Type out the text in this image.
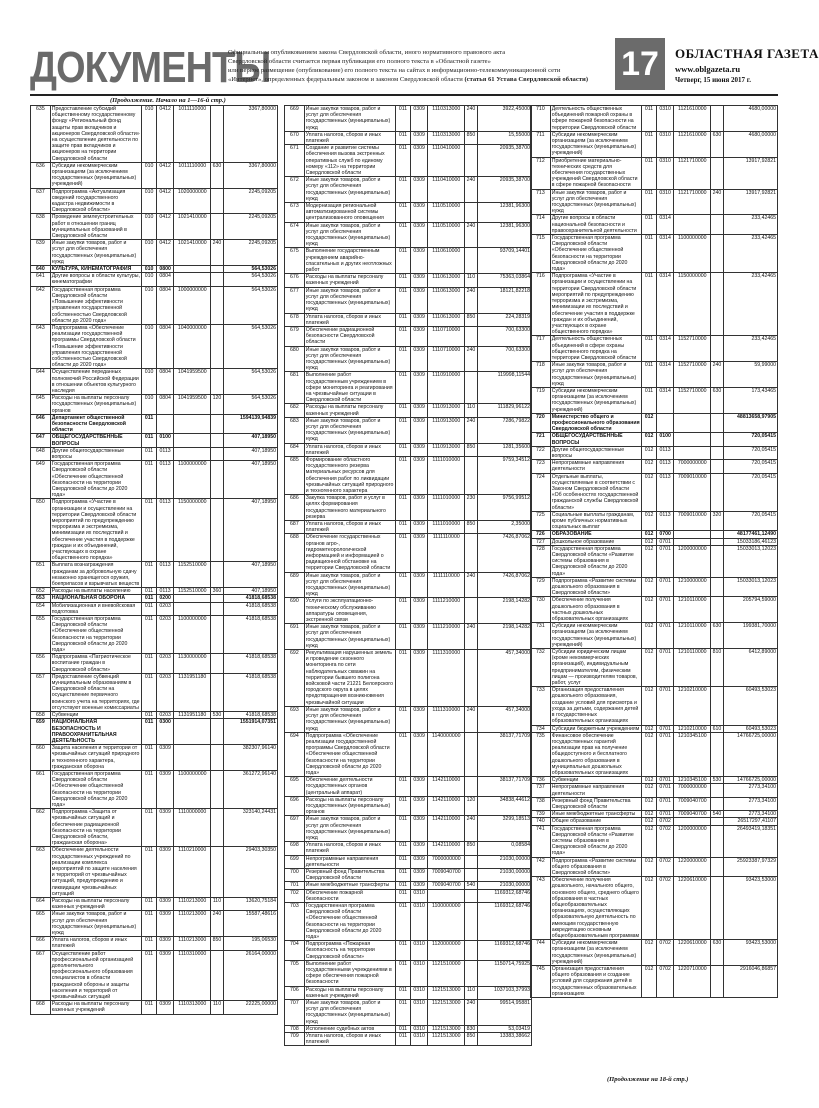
ДОКУМЕНТЫ
Официальным опубликованием закона Свердловской области, иного нормативного правового акта
Свердловской области считается первая публикация его полного текста в «Областной газете»
или первое размещение (опубликование) его полного текста на сайтах в информационно-телекоммуникационной сети
«Интернет», определенных федеральным законом и законом Свердловской области (статья 61 Устава Свердловской области) 17	ОБЛАСТНАЯ ГАЗЕТА
www.oblgazeta.ru
Четверг, 15 июня 2017 г.
(Продолжение. Начало на 1—16-й стр.)
635	Предоставление субсидий общественному государственному фонду «Региональный фонд защиты прав вкладчиков и акционеров Свердловской области» на осуществление деятельности по защите прав вкладчиков и акционеров на территории Свердловской области	010	0412	1011110000		3367,80000
636	Субсидии некоммерческим организациям (за исключением государственных (муниципальных) учреждений)	010	0412	1011110000	630	3367,80000
637	Подпрограмма «Актуализация сведений государственного кадастра недвижимости в Свердловской области»	010	0412	1020000000		2245,09205
638	Проведение землеустроительных работ в отношении границ муниципальных образований в Свердловской области	010	0412	1021410000		2245,09205
639	Иные закупки товаров, работ и услуг для обеспечения государственных (муниципальных) нужд	010	0412	1021410000	240	2245,09205
640	КУЛЬТУРА, КИНЕМАТОГРАФИЯ	010	0800			564,53026
641	Другие вопросы в области культуры, кинематографии	010	0804			564,53026
642	Государственная программа Свердловской области «Повышение эффективности управления государственной собственностью Свердловской области до 2020 года»	010	0804	1000000000		564,53026
643	Подпрограмма «Обеспечение реализации государственной программы Свердловской области «Повышение эффективности управления государственной собственностью Свердловской области до 2020 года»	010	0804	1040000000		564,53026
644	Осуществление переданных полномочий Российской Федерации в отношении объектов культурного наследия	010	0804	1041959500		564,53026
645	Расходы на выплаты персоналу государственных (муниципальных) органов	010	0804	1041959500	120	564,53026
646	Департамент общественной безопасности Свердловской области	011				1594139,94839
647	ОБЩЕГОСУДАРСТВЕННЫЕ ВОПРОСЫ	011	0100			407,18950
648	Другие общегосударственные вопросы	011	0113			407,18950
649	Государственная программа Свердловской области «Обеспечение общественной безопасности на территории Свердловской области до 2020 года»	011	0113	1100000000		407,18950
650	Подпрограмма «Участие в организации и осуществлении на территории Свердловской области мероприятий по предупреждению терроризма и экстремизма, минимизации их последствий и обеспечение участия в поддержке граждан и их объединений, участвующих в охране общественного порядка»	011	0113	1150000000		407,18950
651	Выплата вознаграждения гражданам за добровольную сдачу незаконно хранящегося оружия, боеприпасов и взрывчатых веществ	011	0113	1152510000		407,18950
652	Расходы на выплаты населению	011	0113	1152510000	360	407,18950
653	НАЦИОНАЛЬНАЯ ОБОРОНА	011	0200			41818,68538
654	Мобилизационная и вневойсковая подготовка	011	0203			41818,68538
655	Государственная программа Свердловской области «Обеспечение общественной безопасности на территории Свердловской области до 2020 года»	011	0203	1100000000		41818,68538
656	Подпрограмма «Патриотическое воспитание граждан в Свердловской области»	011	0203	1130000000		41818,68538
657	Предоставление субвенций муниципальным образованиям в Свердловской области на осуществление первичного воинского учета на территориях, где отсутствуют военные комиссариаты	011	0203	1131951180		41818,68538
658	Субвенции	011	0203	1131951180	530	41818,68538
659	НАЦИОНАЛЬНАЯ БЕЗОПАСНОСТЬ И ПРАВООХРАНИТЕЛЬНАЯ ДЕЯТЕЛЬНОСТЬ	011	0300			1551914,07351
660	Защита населения и территории от чрезвычайных ситуаций природного и техногенного характера, гражданская оборона	011	0309			382307,96140
661	Государственная программа Свердловской области «Обеспечение общественной безопасности на территории Свердловской области до 2020 года»	011	0309	1100000000		361272,96140
662	Подпрограмма «Защита от чрезвычайных ситуаций и обеспечение радиационной безопасности на территории Свердловской области, гражданская оборона»	011	0309	1110000000		323140,24431
663	Обеспечение деятельности государственных учреждений по реализации комплекса мероприятий по защите населения и территорий от чрезвычайных ситуаций, предупреждению и ликвидации чрезвычайных ситуаций	011	0309	1110210000		29403,30350
664	Расходы на выплаты персоналу казенных учреждений	011	0309	1110213000	110	13620,75184
665	Иные закупки товаров, работ и услуг для обеспечения государственных (муниципальных) нужд	011	0309	1110213000	240	15587,48616
666	Уплата налогов, сборов и иных платежей	011	0309	1110213000	850	195,06530
667	Осуществление работ профессиональной организацией дополнительного профессионального образования специалистов в области гражданской обороны и защиты населения и территорий от чрезвычайных ситуаций	011	0309	1110310000		26164,00000
668	Расходы на выплаты персоналу казенных учреждений	011	0309	1110313000	110	22225,00000
669	Иные закупки товаров, работ и услуг для обеспечения государственных (муниципальных) нужд	011	0309	1110313000	240	3922,45000
670	Уплата налогов, сборов и иных платежей	011	0309	1110313000	850	15,55000
671	Создание и развитие системы обеспечения вызова экстренных оперативных служб по единому номеру «112» на территории Свердловской области	011	0309	1110410000		20935,38700
672	Иные закупки товаров, работ и услуг для обеспечения государственных (муниципальных) нужд	011	0309	1110410000	240	20935,38700
673	Модернизация региональной автоматизированной системы централизованного оповещения	011	0309	1110510000		12381,96300
674	Иные закупки товаров, работ и услуг для обеспечения государственных (муниципальных) нужд	011	0309	1110510000	240	12381,96300
675	Выполнение государственным учреждением аварийно-спасательных и других неотложных работ	011	0309	1110610000		93709,14401
676	Расходы на выплаты персоналу казенных учреждений	011	0309	1110613000	110	75363,03864
677	Иные закупки товаров, работ и услуг для обеспечения государственных (муниципальных) нужд	011	0309	1110613000	240	18121,82218
678	Уплата налогов, сборов и иных платежей	011	0309	1110613000	850	224,28319
679	Обеспечение радиационной безопасности Свердловской области	011	0309	1110710000		700,63300
680	Иные закупки товаров, работ и услуг для обеспечения государственных (муниципальных) нужд	011	0309	1110710000	240	700,63300
681	Выполнение работ государственным учреждением в сфере мониторинга и реагирования на чрезвычайные ситуации в Свердловской области	011	0309	1110910000		119998,11544
682	Расходы на выплаты персоналу казенных учреждений	011	0309	1110913000	110	111829,96122
683	Иные закупки товаров, работ и услуг для обеспечения государственных (муниципальных) нужд	011	0309	1110913000	240	7286,79822
684	Уплата налогов, сборов и иных платежей	011	0309	1110913000	850	1281,35600
685	Формирование областного государственного резерва материальных ресурсов для обеспечения работ по ликвидации чрезвычайных ситуаций природного и техногенного характера	011	0309	1111010000		9759,34512
686	Закупка товаров, работ и услуг в целях формирования государственного материального резерва	011	0309	1111010000	230	9756,99512
687	Уплата налогов, сборов и иных платежей	011	0309	1111010000	850	2,35000
688	Обеспечение государственных органов агро-, гидрометеорологической информацией и информацией о радиационной обстановке на территории Свердловской области	011	0309	1111110000		7426,87062
689	Иные закупки товаров, работ и услуг для обеспечения государственных (муниципальных) нужд	011	0309	1111110000	240	7426,87062
690	Услуги по эксплуатационно-техническому обслуживанию аппаратуры оповещения, экстренной связи	011	0309	1111210000		2198,14282
691	Иные закупки товаров, работ и услуг для обеспечения государственных (муниципальных) нужд	011	0309	1111210000	240	2198,14282
692	Рекультивация нарушенных земель и проведение сезонного мониторинга по сети наблюдательных скважин на территории бывшего полигона войсковой части 21221 Белоярского городского округа в целях предотвращения возникновения чрезвычайной ситуации	011	0309	1111310000		457,34000
693	Иные закупки товаров, работ и услуг для обеспечения государственных (муниципальных) нужд	011	0309	1111310000	240	457,34000
694	Подпрограмма «Обеспечение реализации государственной программы Свердловской области «Обеспечение общественной безопасности на территории Свердловской области до 2020 года»	011	0309	1140000000		38137,71709
695	Обеспечение деятельности государственных органов (центральный аппарат)	011	0309	1142110000		38137,71709
696	Расходы на выплаты персоналу государственных (муниципальных) органов	011	0309	1142110000	120	34838,44612
697	Иные закупки товаров, работ и услуг для обеспечения государственных (муниципальных) нужд	011	0309	1142110000	240	3299,18513
698	Уплата налогов, сборов и иных платежей	011	0309	1142110000	850	0,08584
699	Непрограммные направления деятельности	011	0309	7000000000		21030,00000
700	Резервный фонд Правительства Свердловской области	011	0309	7009040700		21030,00000
701	Иные межбюджетные трансферты	011	0309	7009040700	540	21030,00000
702	Обеспечение пожарной безопасности	011	0310			1169312,68746
703	Государственная программа Свердловской области «Обеспечение общественной безопасности на территории Свердловской области до 2020 года»	011	0310	1100000000		1169312,68746
704	Подпрограмма «Пожарная безопасность на территории Свердловской области»	011	0310	1120000000		1169312,68746
705	Выполнение работ государственными учреждениями в сфере обеспечения пожарной безопасности	011	0310	1121510000		1150714,75925
706	Расходы на выплаты персоналу казенных учреждений	011	0310	1121513000	110	1037103,37993
707	Иные закупки товаров, работ и услуг для обеспечения государственных (муниципальных) нужд	011	0310	1121513000	240	99514,95881
708	Исполнение судебных актов	011	0310	1121513000	830	53,03419
709	Уплата налогов, сборов и иных платежей	011	0310	1121513000	850	13383,38662
710	Деятельность общественных объединений пожарной охраны в сфере пожарной безопасности на территории Свердловской области	011	0310	1121610000		4680,00000
711	Субсидии некоммерческим организациям (за исключением государственных (муниципальных) учреждений)	011	0310	1121610000	630	4680,00000
712	Приобретение материально-технических средств для обеспечения государственных учреждений Свердловской области в сфере пожарной безопасности	011	0310	1121710000		13917,92821
713	Иные закупки товаров, работ и услуг для обеспечения государственных (муниципальных) нужд	011	0310	1121710000	240	13917,92821
714	Другие вопросы в области национальной безопасности и правоохранительной деятельности	011	0314			233,42465
715	Государственная программа Свердловской области «Обеспечение общественной безопасности на территории Свердловской области до 2020 года»	011	0314	1100000000		233,42465
716	Подпрограмма «Участие в организации и осуществлении на территории Свердловской области мероприятий по предупреждению терроризма и экстремизма, минимизации их последствий и обеспечение участия в поддержке граждан и их объединений, участвующих в охране общественного порядка»	011	0314	1150000000		233,42465
717	Деятельность общественных объединений в сфере охраны общественного порядка на территории Свердловской области	011	0314	1152710000		233,42465
718	Иные закупки товаров, работ и услуг для обеспечения государственных (муниципальных) нужд	011	0314	1152710000	240	59,99000
719	Субсидии некоммерческим организациям (за исключением государственных (муниципальных) учреждений)	011	0314	1152710000	630	173,43465
720	Министерство общего и профессионального образования Свердловской области	012				48813658,97905
721	ОБЩЕГОСУДАРСТВЕННЫЕ ВОПРОСЫ	012	0100			720,05415
722	Другие общегосударственные вопросы	012	0113			720,05415
723	Непрограммные направления деятельности	012	0113	7000000000		720,05415
724	Отдельные выплаты, осуществляемые в соответствии с Законом Свердловской области «Об особенностях государственной гражданской службы Свердловской области»	012	0113	7009010000		720,05415
725	Социальные выплаты гражданам, кроме публичных нормативных социальных выплат	012	0113	7009010000	320	720,05415
726	ОБРАЗОВАНИЕ	012	0700			48177461,12490
727	Дошкольное образование	012	0701			15033186,46123
728	Государственная программа Свердловской области «Развитие системы образования в Свердловской области до 2020 года»	012	0701	1200000000		15033013,12023
729	Подпрограмма «Развитие системы дошкольного образования в Свердловской области»	012	0701	1210000000		15033013,12023
730	Обеспечение получения дошкольного образования в частных дошкольных образовательных организациях	012	0701	1210110000		205794,59000
731	Субсидии некоммерческим организациям (за исключением государственных (муниципальных) учреждений)	012	0701	1210110000	630	199381,70000
732	Субсидии юридическим лицам (кроме некоммерческих организаций), индивидуальным предпринимателям, физическим лицам — производителям товаров, работ, услуг	012	0701	1210110000	810	6412,89000
733	Организация предоставления дошкольного образования, создание условий для присмотра и ухода за детьми, содержания детей в государственных образовательных организациях	012	0701	1210210000		60493,53023
734	Субсидии бюджетным учреждениям	012	0701	1210210000	610	60493,53023
735	Финансовое обеспечение государственных гарантий реализации прав на получение общедоступного и бесплатного дошкольного образования в муниципальных дошкольных образовательных организациях	012	0701	1210345100		14766725,00000
736	Субвенции	012	0701	1210345100	530	14766725,00000
737	Непрограммные направления деятельности	012	0701	7000000000		2773,34100
738	Резервный фонд Правительства Свердловской области	012	0701	7009040700		2773,34100
739	Иные межбюджетные трансферты	012	0701	7009040700	540	2773,34100
740	Общее образование	012	0702			26517297,41107
741	Государственная программа Свердловской области «Развитие системы образования в Свердловской области до 2020 года»	012	0702	1200000000		26493419,18351
742	Подпрограмма «Развитие системы общего образования в Свердловской области»	012	0702	1220000000		25923387,97329
743	Обеспечение получения дошкольного, начального общего, основного общего, среднего общего образования в частных общеобразовательных организациях, осуществляющих образовательную деятельность по имеющим государственную аккредитацию основным общеобразовательным программам	012	0702	1220610000		93423,53000
744	Субсидии некоммерческим организациям (за исключением государственных (муниципальных) учреждений)	012	0702	1220610000	630	93423,53000
745	Организация предоставления общего образования и создание условий для содержания детей в государственных образовательных организациях	012	0702	1220710000		2916046,86857
(Продолжение на 18-й стр.)
